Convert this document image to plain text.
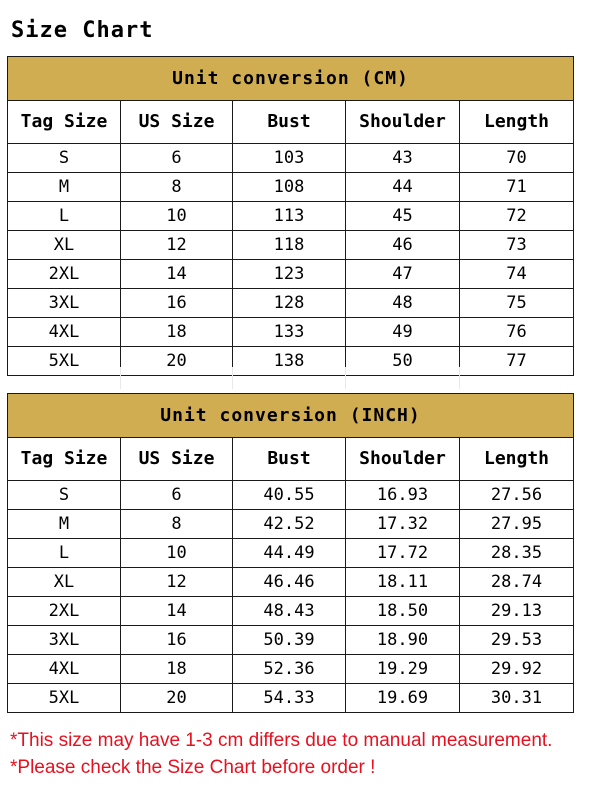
Size Chart
Unit conversion (CM)				
Tag Size	US Size	Bust	Shoulder	Length
S	6	103	43	70
M	8	108	44	71
L	10	113	45	72
XL	12	118	46	73
2XL	14	123	47	74
3XL	16	128	48	75
4XL	18	133	49	76
5XL	20	138	50	77
Unit conversion (INCH)				
Tag Size	US Size	Bust	Shoulder	Length
S	6	40.55	16.93	27.56
M	8	42.52	17.32	27.95
L	10	44.49	17.72	28.35
XL	12	46.46	18.11	28.74
2XL	14	48.43	18.50	29.13
3XL	16	50.39	18.90	29.53
4XL	18	52.36	19.29	29.92
5XL	20	54.33	19.69	30.31
*This size may have 1-3 cm differs due to manual measurement.
*Please check the Size Chart before order !
